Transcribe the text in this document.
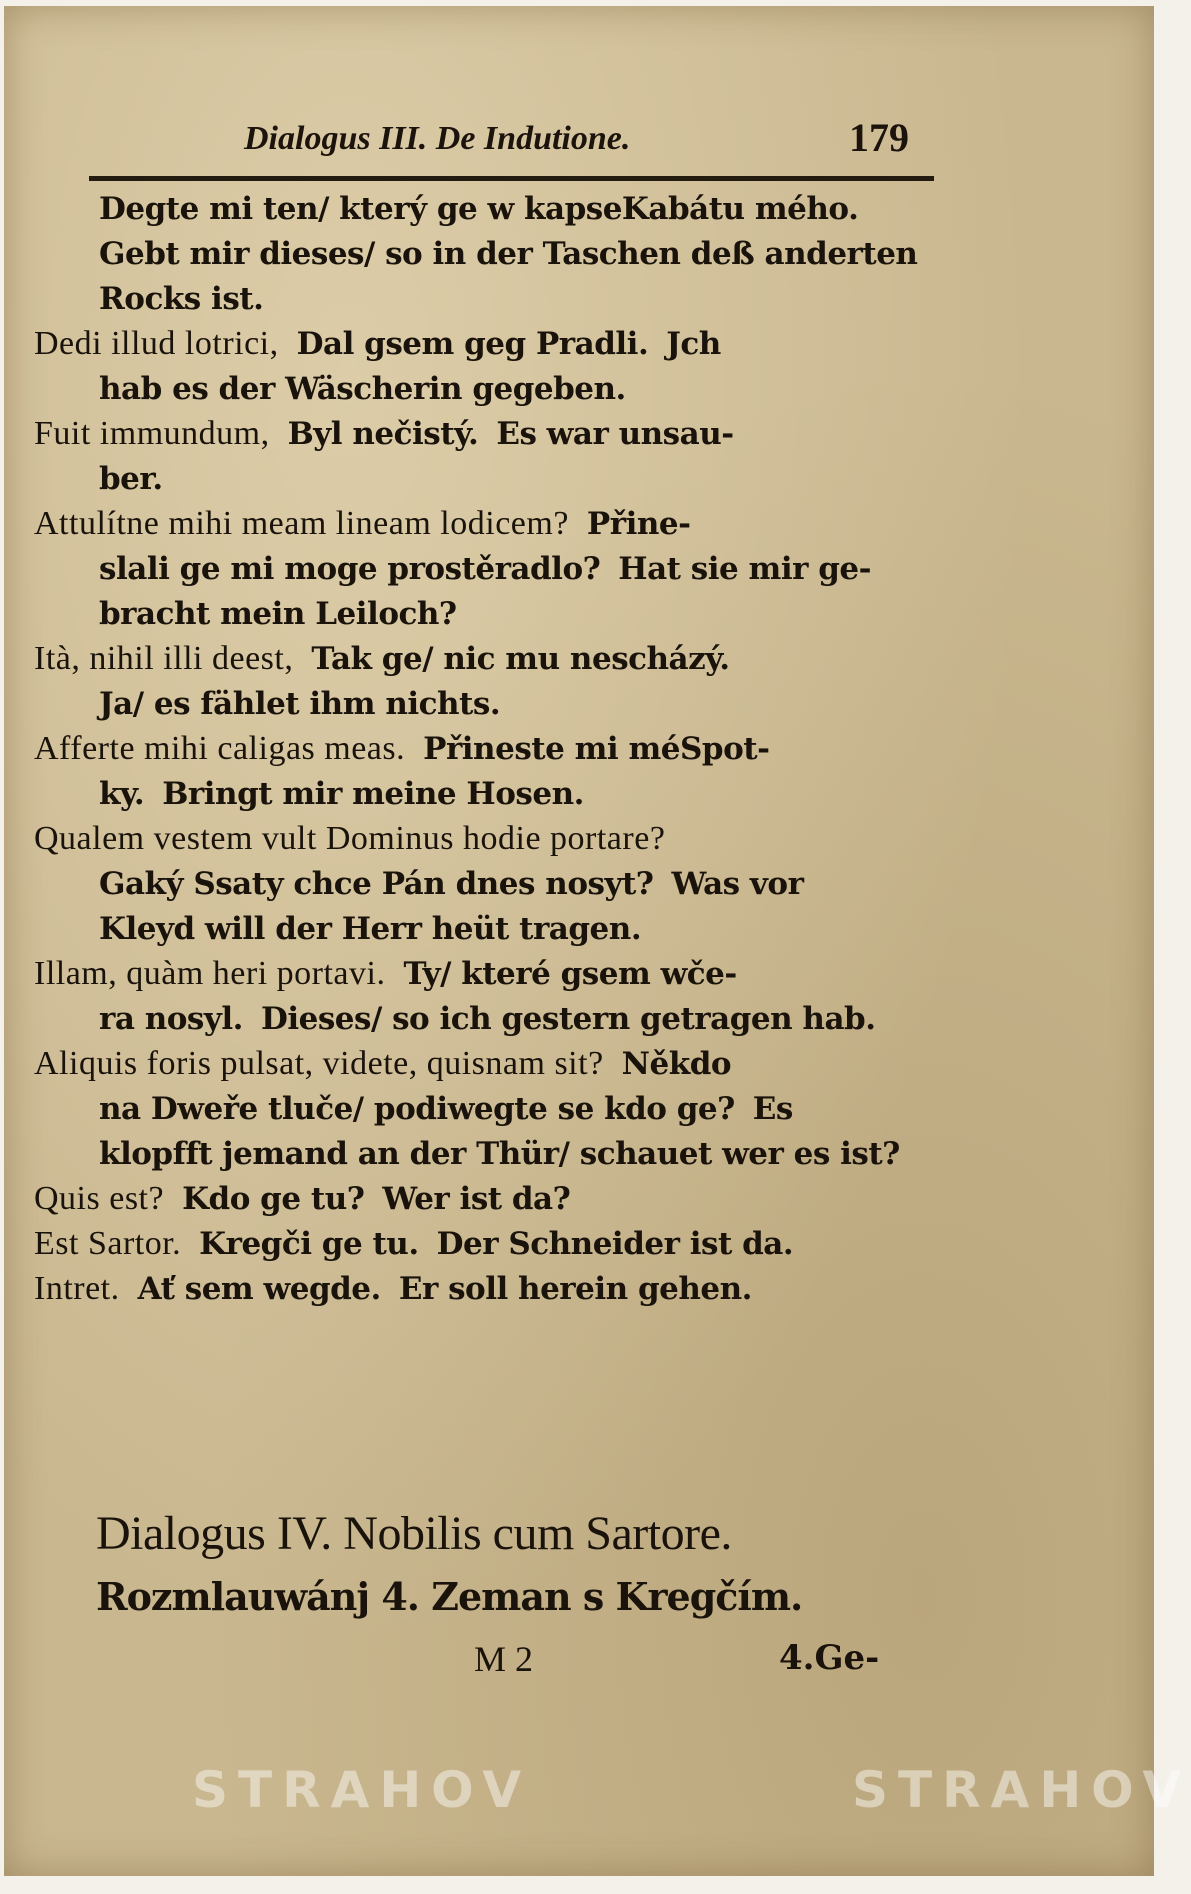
Dialogus III. De Indutione.	179
Degte mi ten/ který ge w kapseKabátu mého.
Gebt mir dieses/ so in der Taschen deß anderten
Rocks ist.
Dedi illud lotrici, Dal gsem geg Pradli. Jch
hab es der Wäscherin gegeben.
Fuit immundum, Byl nečistý. Es war unsau-
ber.
Attulítne mihi meam lineam lodicem? Přine-
slali ge mi moge prostěradlo? Hat sie mir ge-
bracht mein Leiloch?
Ità, nihil illi deest, Tak ge/ nic mu nescházý.
Ja/ es fählet ihm nichts.
Afferte mihi caligas meas. Přineste mi méSpot-
ky. Bringt mir meine Hosen.
Qualem vestem vult Dominus hodie portare?
Gaký Ssaty chce Pán dnes nosyt? Was vor
Kleyd will der Herr heüt tragen.
Illam, quàm heri portavi. Ty/ které gsem wče-
ra nosyl. Dieses/ so ich gestern getragen hab.
Aliquis foris pulsat, videte, quisnam sit? Někdo
na Dweře tluče/ podiwegte se kdo ge? Es
klopfft jemand an der Thür/ schauet wer es ist?
Quis est? Kdo ge tu? Wer ist da?
Est Sartor. Kregči ge tu. Der Schneider ist da.
Intret. Ať sem wegde. Er soll herein gehen.
Dialogus IV. Nobilis cum Sartore.
Rozmlauwánj 4. Zeman s Kregčím.
M 2	4.Ge-
STRAHOV	STRAHOV
